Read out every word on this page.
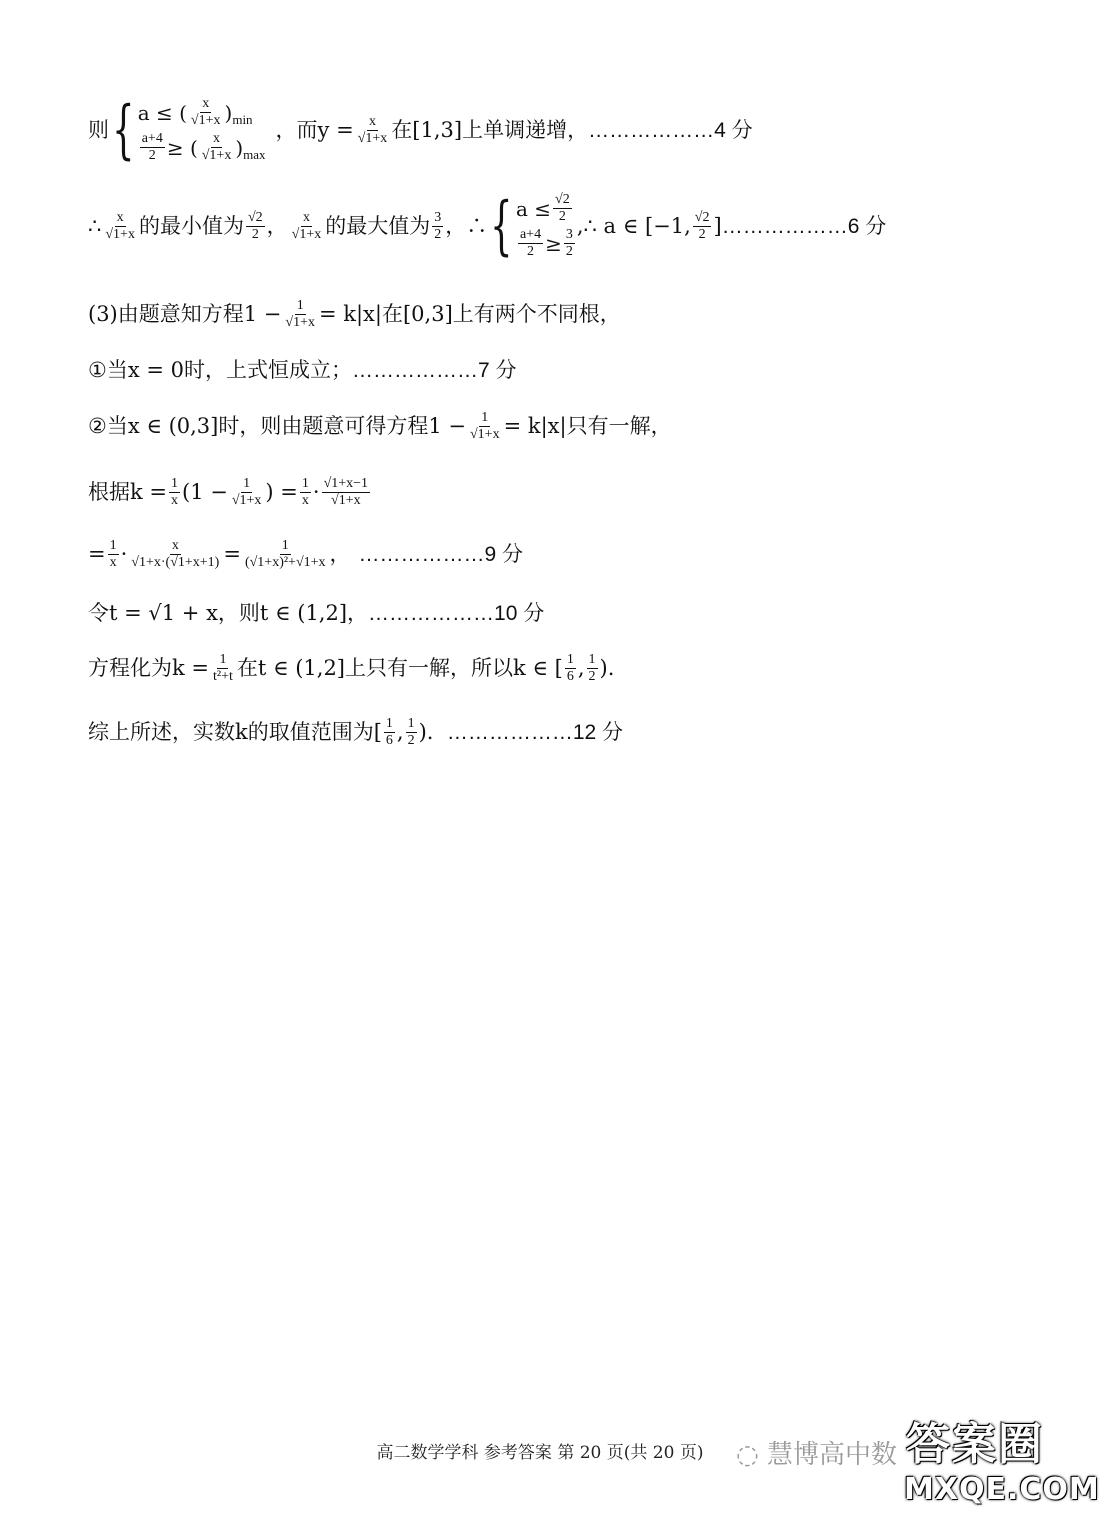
则 { a ≤ ( $\frac{x}{√1+x}$ ) min
$\frac{a+4}{2}$ ≥ ( $\frac{x}{√1+x}$ ) max
，而$y = \frac{x}{√1+x}$ 在[1,3]上单调递增， ……………… 4 分
∴ $\frac{x}{√1+x}$ 的最小值为 $\frac{√2}{2}$ ， $\frac{x}{√1+x}$ 的最大值为 $\frac{3}{2}$ ，∴ { $a \le \frac{√2}{2}$
$\frac{a+4}{2} \ge \frac{3}{2}$
,∴ a ∈ [−1, $\frac{√2}{2}$ ] ……………… 6 分
(3)由题意知方程$1 - \frac{1}{√1+x} = k|x|$在[0,3]上有两个不同根，
① 当x = 0时，上式恒成立； ……………… 7 分
② 当x ∈ (0,3]时，则由题意可得方程$1 - \frac{1}{√1+x} = k|x|$只有一解，
根据$k = \frac{1}{x} (1 - \frac{1}{√1+x}$ ) = $\frac{1}{x} \cdot \frac{√1+x-1}{√1+x}$
= $\frac{1}{x} \cdot \frac{x}{√1+x\cdot(√1+x+1)} = \frac{1}{\text{(√1+x)²+√1+x}}$ ， ……………… 9 分
令t = √1 + x，则t ∈ (1,2]， ……………… 10 分
方程化为$k = \frac{1}{\text{t²+t}}$ 在t ∈ (1,2]上只有一解，所以k ∈ [ $\frac{1}{6}$ , $\frac{1}{2}$ ).
综上所述，实数k的取值范围为[ $\frac{1}{6}$ , $\frac{1}{2}$ ). ……………… 12 分
高二数学学科 参考答案 第 20 页(共 20 页)	◌ 慧博高中数 答案圈
MXQE.COM
